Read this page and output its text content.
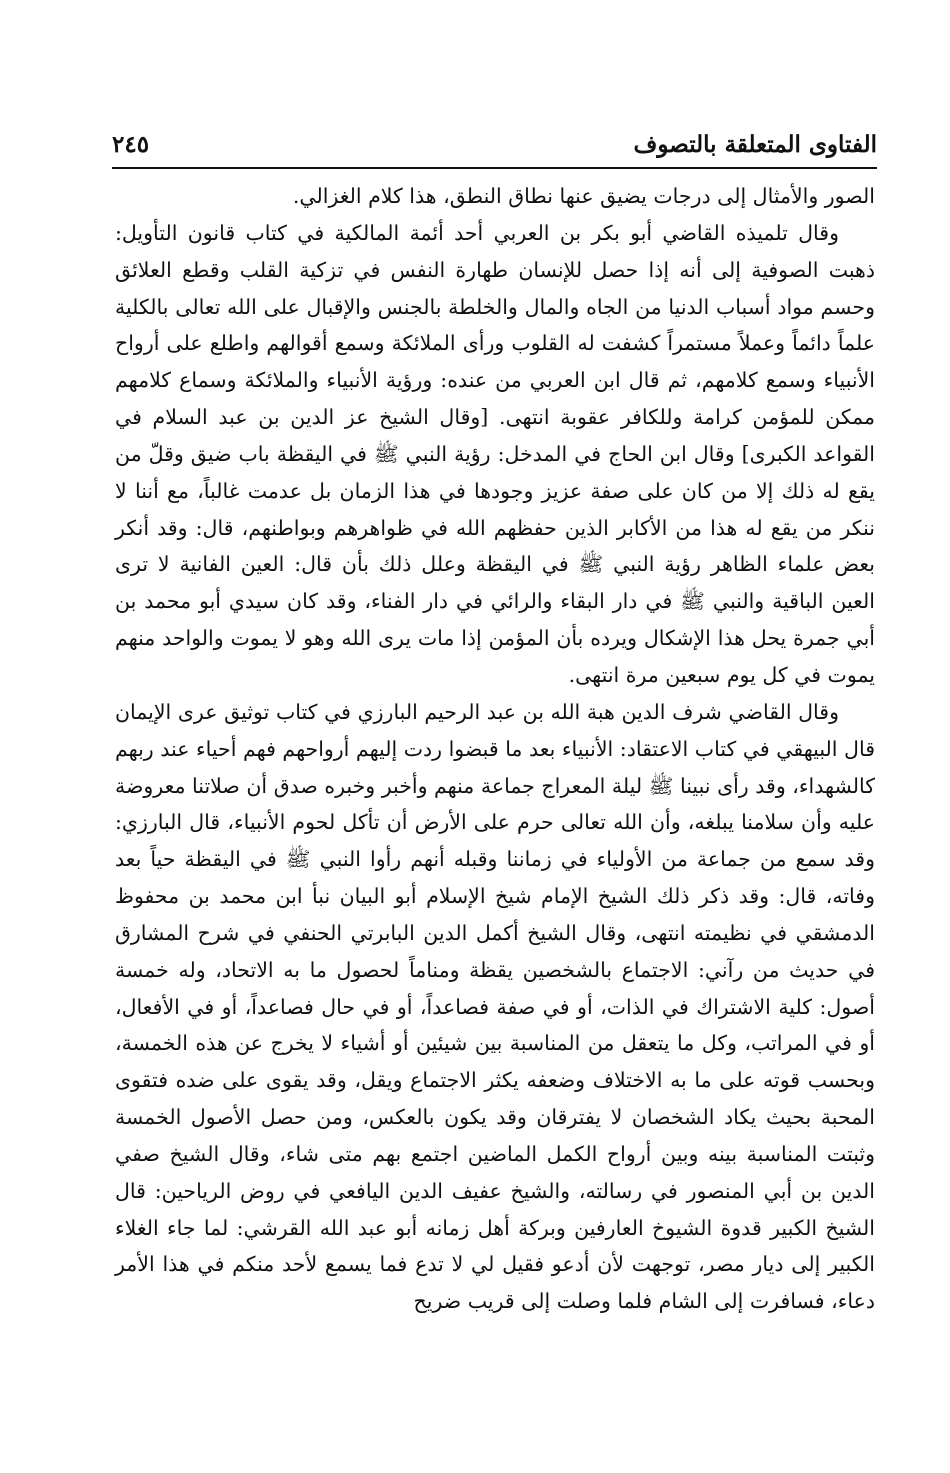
الفتاوى المتعلقة بالتصوف
٢٤٥

الصور والأمثال إلى درجات يضيق عنها نطاق النطق، هذا كلام الغزالي.

وقال تلميذه القاضي أبو بكر بن العربي أحد أئمة المالكية في كتاب قانون التأويل: ذهبت الصوفية إلى أنه إذا حصل للإنسان طهارة النفس في تزكية القلب وقطع العلائق وحسم مواد أسباب الدنيا من الجاه والمال والخلطة بالجنس والإقبال على الله تعالى بالكلية علماً دائماً وعملاً مستمراً كشفت له القلوب ورأى الملائكة وسمع أقوالهم واطلع على أرواح الأنبياء وسمع كلامهم، ثم قال ابن العربي من عنده: ورؤية الأنبياء والملائكة وسماع كلامهم ممكن للمؤمن كرامة وللكافر عقوبة انتهى. [وقال الشيخ عز الدين بن عبد السلام في القواعد الكبرى] وقال ابن الحاج في المدخل: رؤية النبي ﷺ في اليقظة باب ضيق وقلّ من يقع له ذلك إلا من كان على صفة عزيز وجودها في هذا الزمان بل عدمت غالباً، مع أننا لا ننكر من يقع له هذا من الأكابر الذين حفظهم الله في ظواهرهم وبواطنهم، قال: وقد أنكر بعض علماء الظاهر رؤية النبي ﷺ في اليقظة وعلل ذلك بأن قال: العين الفانية لا ترى العين الباقية والنبي ﷺ في دار البقاء والرائي في دار الفناء، وقد كان سيدي أبو محمد بن أبي جمرة يحل هذا الإشكال ويرده بأن المؤمن إذا مات يرى الله وهو لا يموت والواحد منهم يموت في كل يوم سبعين مرة انتهى.

وقال القاضي شرف الدين هبة الله بن عبد الرحيم البارزي في كتاب توثيق عرى الإيمان قال البيهقي في كتاب الاعتقاد: الأنبياء بعد ما قبضوا ردت إليهم أرواحهم فهم أحياء عند ربهم كالشهداء، وقد رأى نبينا ﷺ ليلة المعراج جماعة منهم وأخبر وخبره صدق أن صلاتنا معروضة عليه وأن سلامنا يبلغه، وأن الله تعالى حرم على الأرض أن تأكل لحوم الأنبياء، قال البارزي: وقد سمع من جماعة من الأولياء في زماننا وقبله أنهم رأوا النبي ﷺ في اليقظة حياً بعد وفاته، قال: وقد ذكر ذلك الشيخ الإمام شيخ الإسلام أبو البيان نبأ ابن محمد بن محفوظ الدمشقي في نظيمته انتهى، وقال الشيخ أكمل الدين البابرتي الحنفي في شرح المشارق في حديث من رآني: الاجتماع بالشخصين يقظة ومناماً لحصول ما به الاتحاد، وله خمسة أصول: كلية الاشتراك في الذات، أو في صفة فصاعداً، أو في حال فصاعداً، أو في الأفعال، أو في المراتب، وكل ما يتعقل من المناسبة بين شيئين أو أشياء لا يخرج عن هذه الخمسة، وبحسب قوته على ما به الاختلاف وضعفه يكثر الاجتماع ويقل، وقد يقوى على ضده فتقوى المحبة بحيث يكاد الشخصان لا يفترقان وقد يكون بالعكس، ومن حصل الأصول الخمسة وثبتت المناسبة بينه وبين أرواح الكمل الماضين اجتمع بهم متى شاء، وقال الشيخ صفي الدين بن أبي المنصور في رسالته، والشيخ عفيف الدين اليافعي في روض الرياحين: قال الشيخ الكبير قدوة الشيوخ العارفين وبركة أهل زمانه أبو عبد الله القرشي: لما جاء الغلاء الكبير إلى ديار مصر، توجهت لأن أدعو فقيل لي لا تدع فما يسمع لأحد منكم في هذا الأمر دعاء، فسافرت إلى الشام فلما وصلت إلى قريب ضريح
